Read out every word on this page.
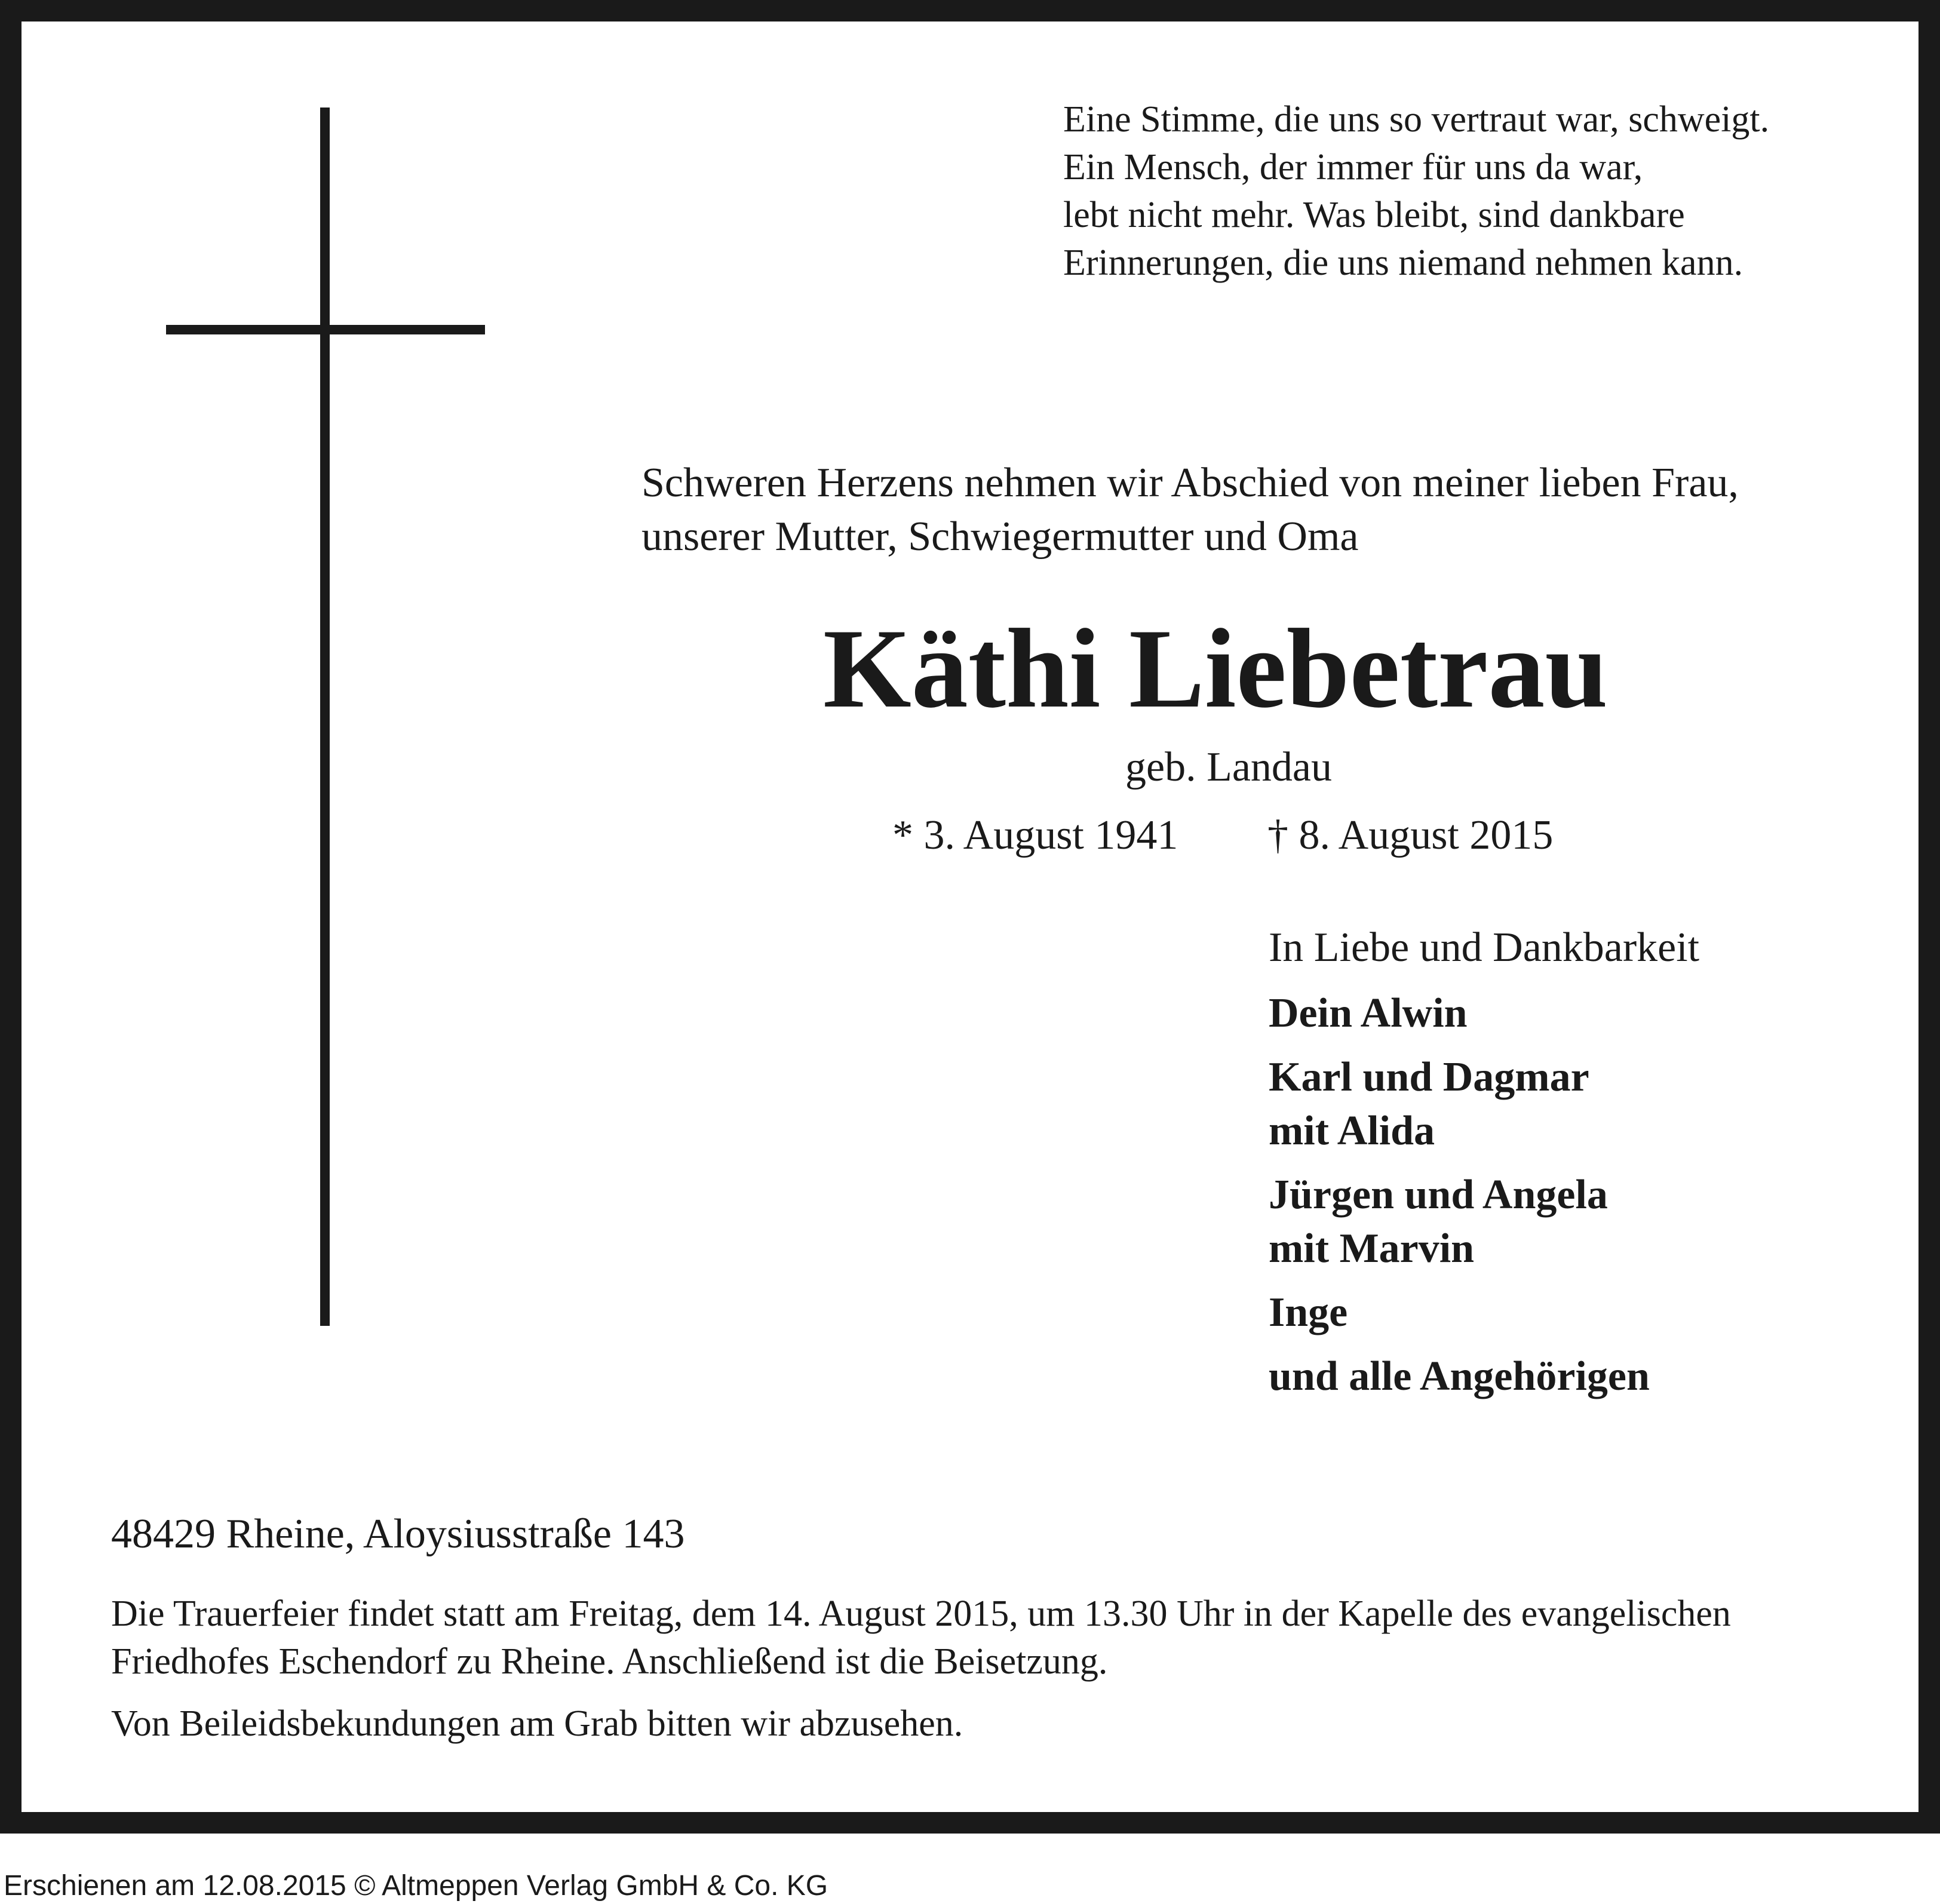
Eine Stimme, die uns so vertraut war, schweigt.
Ein Mensch, der immer für uns da war,
lebt nicht mehr. Was bleibt, sind dankbare
Erinnerungen, die uns niemand nehmen kann.
Schweren Herzens nehmen wir Abschied von meiner lieben Frau,
unserer Mutter, Schwiegermutter und Oma
Käthi Liebetrau
geb. Landau
* 3. August 1941 † 8. August 2015
In Liebe und Dankbarkeit
Dein Alwin
Karl und Dagmar
mit Alida
Jürgen und Angela
mit Marvin
Inge
und alle Angehörigen
48429 Rheine, Aloysiusstraße 143
Die Trauerfeier findet statt am Freitag, dem 14. August 2015, um 13.30 Uhr in der Kapelle des evangelischen
Friedhofes Eschendorf zu Rheine. Anschließend ist die Beisetzung.
Von Beileidsbekundungen am Grab bitten wir abzusehen.
Erschienen am 12.08.2015 © Altmeppen Verlag GmbH & Co. KG
